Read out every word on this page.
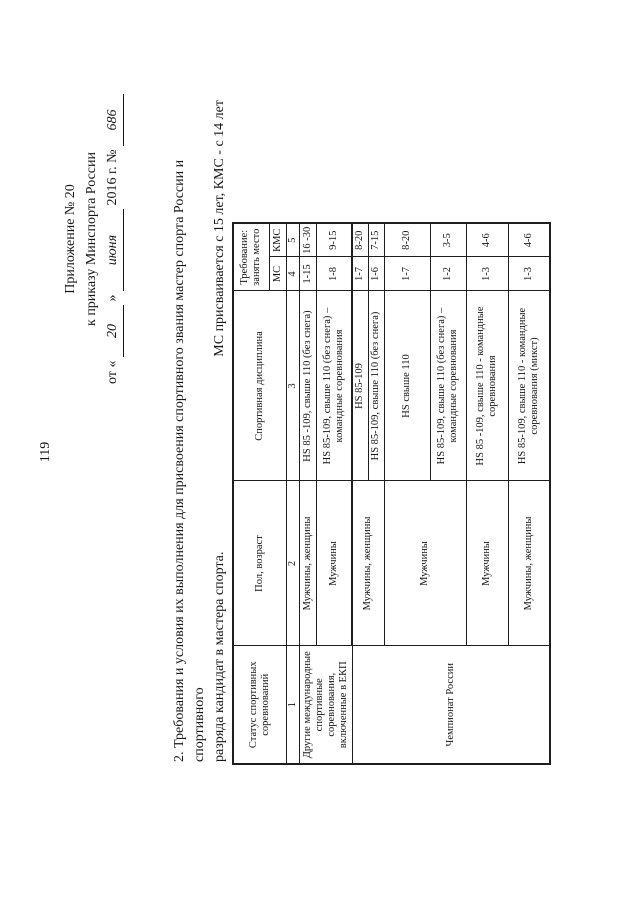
119
Приложение № 20 к приказу Минспорта России
от « 20 » июня 2016 г. № 686

2. Требования и условия их выполнения для присвоения спортивного звания мастер спорта России и спортивного разряда кандидат в мастера спорта.

МС присваивается с 15 лет, КМС - с 14 лет
Статус спортивных соревнований	Пол, возраст	Спортивная дисциплина	Требование: занять место	
			МС	КМС
1	2	3	4	5
Другие международные спортивные соревнования, включенные в ЕКП	Мужчины, женщины	HS 85 -109, свыше 110 (без снега)	1-15	16 -30
	Мужчины	HS 85-109, свыше 110 (без снега) – командные соревнования	1-8	9-15
Чемпионат России	Мужчины, женщины	HS 85-109	1-7	8-20
		HS 85-109, свыше 110 (без снега)	1-6	7-15
	Мужчины	HS свыше 110	1-7	8-20
		HS 85-109, свыше 110 (без снега) – командные соревнования	1-2	3-5
	Мужчины	HS 85 -109, свыше 110 - командные соревнования	1-3	4-6
	Мужчины, женщины	HS 85-109, свыше 110 - командные соревнования (микст)	1-3	4-6
